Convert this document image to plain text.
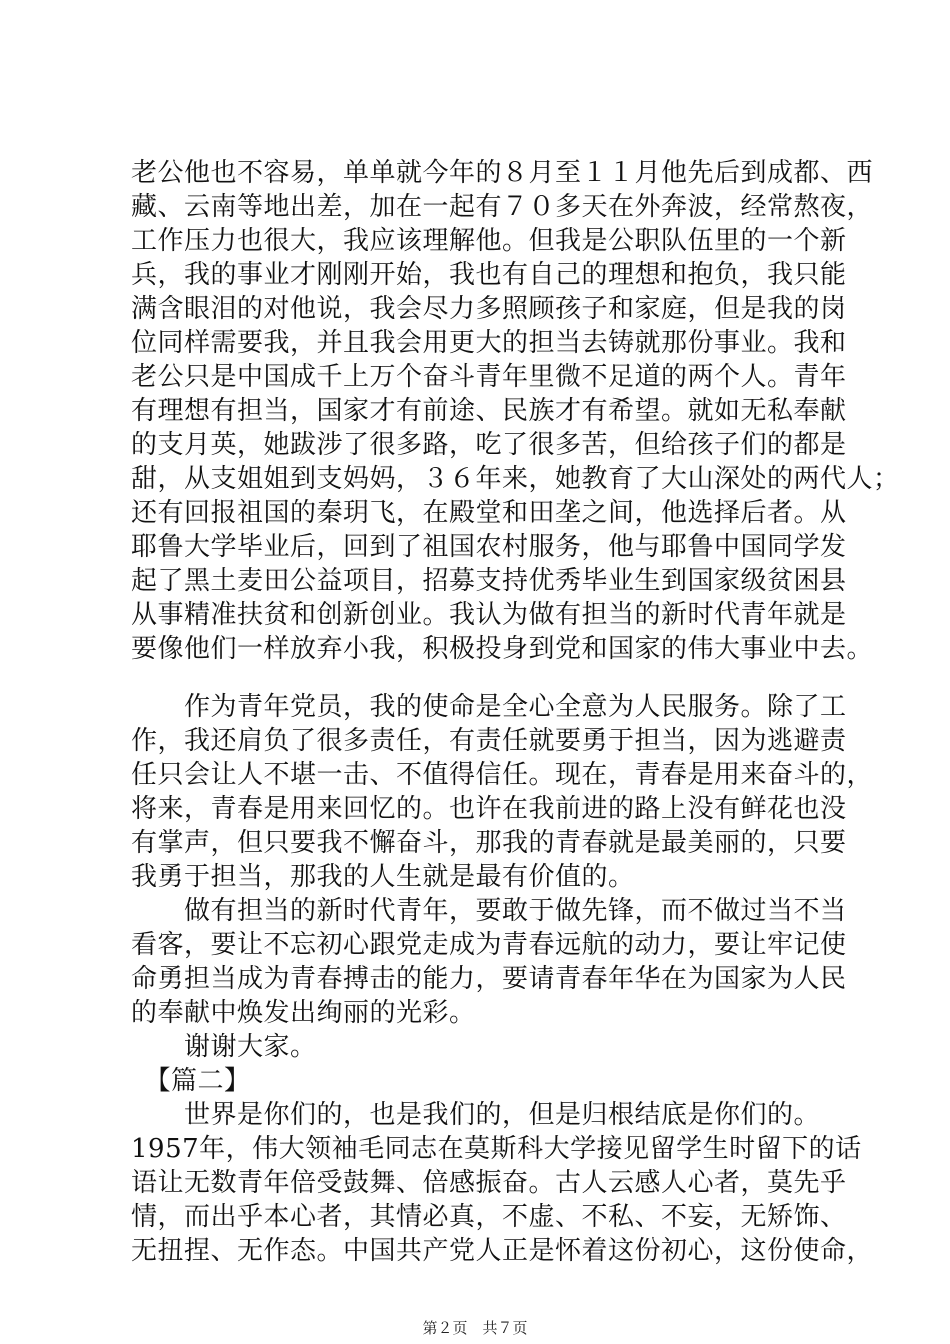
老公他也不容易，单单就今年的８月至１１月他先后到成都、西
藏、云南等地出差，加在一起有７０多天在外奔波，经常熬夜，
工作压力也很大，我应该理解他。但我是公职队伍里的一个新
兵，我的事业才刚刚开始，我也有自己的理想和抱负，我只能
满含眼泪的对他说，我会尽力多照顾孩子和家庭，但是我的岗
位同样需要我，并且我会用更大的担当去铸就那份事业。我和
老公只是中国成千上万个奋斗青年里微不足道的两个人。青年
有理想有担当，国家才有前途、民族才有希望。就如无私奉献
的支月英，她跋涉了很多路，吃了很多苦，但给孩子们的都是
甜，从支姐姐到支妈妈，３６年来，她教育了大山深处的两代人；
还有回报祖国的秦玥飞，在殿堂和田垄之间，他选择后者。从
耶鲁大学毕业后，回到了祖国农村服务，他与耶鲁中国同学发
起了黑土麦田公益项目，招募支持优秀毕业生到国家级贫困县
从事精准扶贫和创新创业。我认为做有担当的新时代青年就是
要像他们一样放弃小我，积极投身到党和国家的伟大事业中去。
　　作为青年党员，我的使命是全心全意为人民服务。除了工
作，我还肩负了很多责任，有责任就要勇于担当，因为逃避责
任只会让人不堪一击、不值得信任。现在，青春是用来奋斗的，
将来，青春是用来回忆的。也许在我前进的路上没有鲜花也没
有掌声，但只要我不懈奋斗，那我的青春就是最美丽的，只要
我勇于担当，那我的人生就是最有价值的。
　　做有担当的新时代青年，要敢于做先锋，而不做过当不当
看客，要让不忘初心跟党走成为青春远航的动力，要让牢记使
命勇担当成为青春搏击的能力，要请青春年华在为国家为人民
的奉献中焕发出绚丽的光彩。
　　谢谢大家。
　【篇二】
　　世界是你们的，也是我们的，但是归根结底是你们的。
1957年，伟大领袖毛同志在莫斯科大学接见留学生时留下的话
语让无数青年倍受鼓舞、倍感振奋。古人云感人心者，莫先乎
情，而出乎本心者，其情必真，不虚、不私、不妄，无矫饰、
无扭捏、无作态。中国共产党人正是怀着这份初心，这份使命，
第２页　共７页
